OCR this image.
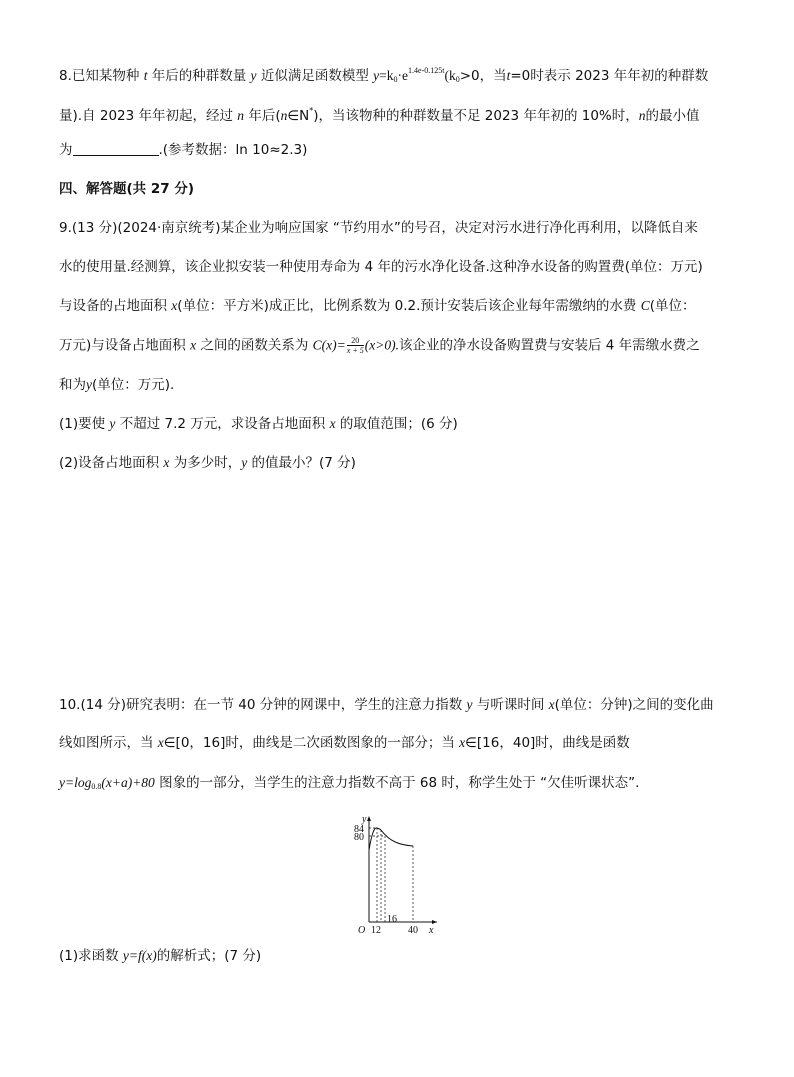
8.已知某物种 t 年后的种群数量 y 近似满足函数模型 $y=k_0\cdot e^{1.4e-0.125t}(k_0>0$，当t=0时表示 2023 年年初的种群数
量).自 2023 年年初起，经过 n 年后(n∈N*)，当该物种的种群数量不足 2023 年年初的 10%时，n的最小值
为	.(参考数据：ln 10≈2.3)
四、解答题(共 27 分)
9.(13 分)(2024·南京统考)某企业为响应国家 “节约用水”的号召，决定对污水进行净化再利用，以降低自来
水的使用量.经测算，该企业拟安装一种使用寿命为 4 年的污水净化设备.这种净水设备的购置费(单位：万元)
与设备的占地面积 x(单位：平方米)成正比，比例系数为 0.2.预计安装后该企业每年需缴纳的水费 C(单位：
万元)与设备占地面积 x 之间的函数关系为 $C(x)= \frac{20}{x + 5} (x>0)$.该企业的净水设备购置费与安装后 4 年需缴水费之
和为y(单位：万元).
(1)要使 y 不超过 7.2 万元，求设备占地面积 x 的取值范围；(6 分)
(2)设备占地面积 x 为多少时，y 的值最小？(7 分)
10.(14 分)研究表明：在一节 40 分钟的网课中，学生的注意力指数 y 与听课时间 x(单位：分钟)之间的变化曲
线如图所示，当 x∈[0，16]时，曲线是二次函数图象的一部分；当 x∈[16，40]时，曲线是函数
$y=\log_{0.8}(x+a)+80$ 图象的一部分，当学生的注意力指数不高于 68 时，称学生处于 “欠佳听课状态”.
y
x
O
84
80
12
16
40
(1)求函数 y=f(x)的解析式；(7 分)
